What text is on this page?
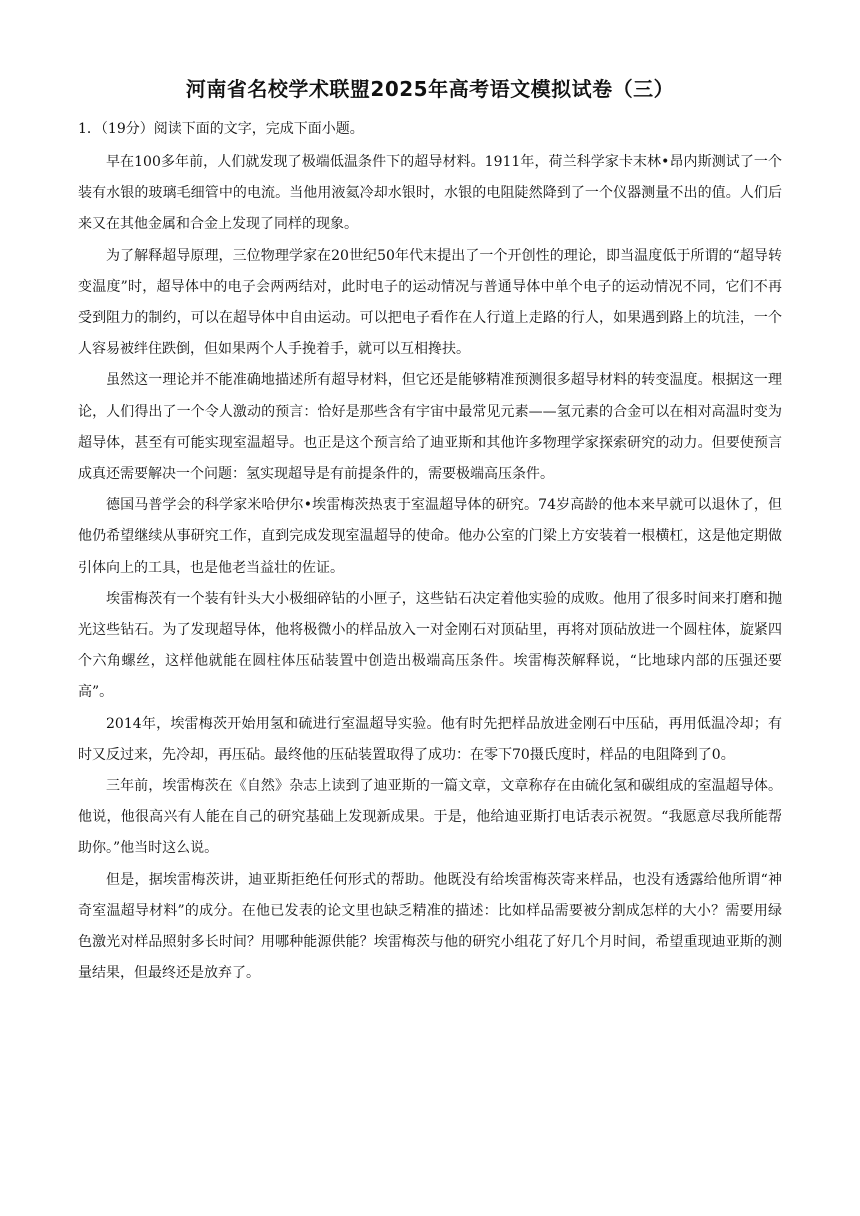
河南省名校学术联盟2025年高考语文模拟试卷（三）
1．（19分）阅读下面的文字，完成下面小题。

早在100多年前，人们就发现了极端低温条件下的超导材料。1911年，荷兰科学家卡末林•昂内斯测试了一个装有水银的玻璃毛细管中的电流。当他用液氦冷却水银时，水银的电阻陡然降到了一个仪器测量不出的值。人们后来又在其他金属和合金上发现了同样的现象。

为了解释超导原理，三位物理学家在20世纪50年代末提出了一个开创性的理论，即当温度低于所谓的“超导转变温度”时，超导体中的电子会两两结对，此时电子的运动情况与普通导体中单个电子的运动情况不同，它们不再受到阻力的制约，可以在超导体中自由运动。可以把电子看作在人行道上走路的行人，如果遇到路上的坑洼，一个人容易被绊住跌倒，但如果两个人手挽着手，就可以互相搀扶。

虽然这一理论并不能准确地描述所有超导材料，但它还是能够精准预测很多超导材料的转变温度。根据这一理论，人们得出了一个令人激动的预言：恰好是那些含有宇宙中最常见元素——氢元素的合金可以在相对高温时变为超导体，甚至有可能实现室温超导。也正是这个预言给了迪亚斯和其他许多物理学家探索研究的动力。但要使预言成真还需要解决一个问题：氢实现超导是有前提条件的，需要极端高压条件。

德国马普学会的科学家米哈伊尔•埃雷梅茨热衷于室温超导体的研究。74岁高龄的他本来早就可以退休了，但他仍希望继续从事研究工作，直到完成发现室温超导的使命。他办公室的门梁上方安装着一根横杠，这是他定期做引体向上的工具，也是他老当益壮的佐证。

埃雷梅茨有一个装有针头大小极细碎钻的小匣子，这些钻石决定着他实验的成败。他用了很多时间来打磨和抛光这些钻石。为了发现超导体，他将极微小的样品放入一对金刚石对顶砧里，再将对顶砧放进一个圆柱体，旋紧四个六角螺丝，这样他就能在圆柱体压砧装置中创造出极端高压条件。埃雷梅茨解释说，“比地球内部的压强还要高”。

2014年，埃雷梅茨开始用氢和硫进行室温超导实验。他有时先把样品放进金刚石中压砧，再用低温冷却；有时又反过来，先冷却，再压砧。最终他的压砧装置取得了成功：在零下70摄氏度时，样品的电阻降到了0。

三年前，埃雷梅茨在《自然》杂志上读到了迪亚斯的一篇文章，文章称存在由硫化氢和碳组成的室温超导体。他说，他很高兴有人能在自己的研究基础上发现新成果。于是，他给迪亚斯打电话表示祝贺。“我愿意尽我所能帮助你。”他当时这么说。

但是，据埃雷梅茨讲，迪亚斯拒绝任何形式的帮助。他既没有给埃雷梅茨寄来样品，也没有透露给他所谓“神奇室温超导材料”的成分。在他已发表的论文里也缺乏精准的描述：比如样品需要被分割成怎样的大小？需要用绿色激光对样品照射多长时间？用哪种能源供能？埃雷梅茨与他的研究小组花了好几个月时间，希望重现迪亚斯的测量结果，但最终还是放弃了。
